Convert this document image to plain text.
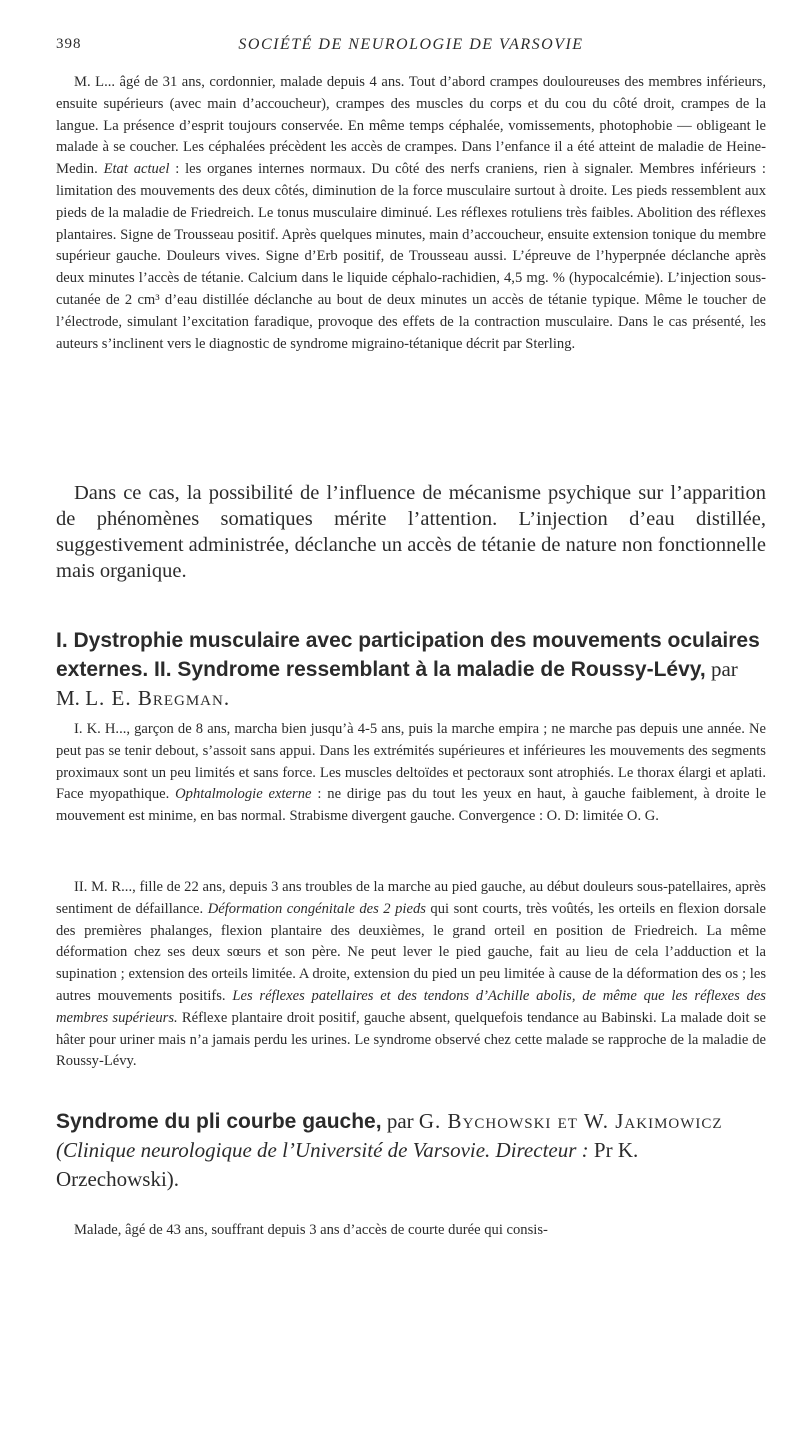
398	SOCIÉTÉ DE NEUROLOGIE DE VARSOVIE

M. L... âgé de 31 ans, cordonnier, malade depuis 4 ans. Tout d’abord crampes douloureuses des membres inférieurs, ensuite supérieurs (avec main d’accoucheur), crampes des muscles du corps et du cou du côté droit, crampes de la langue. La présence d’esprit toujours conservée. En même temps céphalée, vomissements, photophobie — obligeant le malade à se coucher. Les céphalées précèdent les accès de crampes. Dans l’enfance il a été atteint de maladie de Heine-Medin. Etat actuel : les organes internes normaux. Du côté des nerfs craniens, rien à signaler. Membres inférieurs : limitation des mouvements des deux côtés, diminution de la force musculaire surtout à droite. Les pieds ressemblent aux pieds de la maladie de Friedreich. Le tonus musculaire diminué. Les réflexes rotuliens très faibles. Abolition des réflexes plantaires. Signe de Trousseau positif. Après quelques minutes, main d’accoucheur, ensuite extension tonique du membre supérieur gauche. Douleurs vives. Signe d’Erb positif, de Trousseau aussi. L’épreuve de l’hyperpnée déclanche après deux minutes l’accès de tétanie. Calcium dans le liquide céphalo-rachidien, 4,5 mg. % (hypocalcémie). L’injection sous-cutanée de 2 cm³ d’eau distillée déclanche au bout de deux minutes un accès de tétanie typique. Même le toucher de l’électrode, simulant l’excitation faradique, provoque des effets de la contraction musculaire. Dans le cas présenté, les auteurs s’inclinent vers le diagnostic de syndrome migraino-tétanique décrit par Sterling.

Dans ce cas, la possibilité de l’influence de mécanisme psychique sur l’apparition de phénomènes somatiques mérite l’attention. L’injection d’eau distillée, suggestivement administrée, déclanche un accès de tétanie de nature non fonctionnelle mais organique.

I. Dystrophie musculaire avec participation des mouvements oculaires externes. II. Syndrome ressemblant à la maladie de Roussy-Lévy, par M. L. E. Bregman.

I. K. H..., garçon de 8 ans, marcha bien jusqu’à 4-5 ans, puis la marche empira ; ne marche pas depuis une année. Ne peut pas se tenir debout, s’assoit sans appui. Dans les extrémités supérieures et inférieures les mouvements des segments proximaux sont un peu limités et sans force. Les muscles deltoïdes et pectoraux sont atrophiés. Le thorax élargi et aplati. Face myopathique. Ophtalmologie externe : ne dirige pas du tout les yeux en haut, à gauche faiblement, à droite le mouvement est minime, en bas normal. Strabisme divergent gauche. Convergence : O. D: limitée O. G.

II. M. R..., fille de 22 ans, depuis 3 ans troubles de la marche au pied gauche, au début douleurs sous-patellaires, après sentiment de défaillance. Déformation congénitale des 2 pieds qui sont courts, très voûtés, les orteils en flexion dorsale des premières phalanges, flexion plantaire des deuxièmes, le grand orteil en position de Friedreich. La même déformation chez ses deux sœurs et son père. Ne peut lever le pied gauche, fait au lieu de cela l’adduction et la supination ; extension des orteils limitée. A droite, extension du pied un peu limitée à cause de la déformation des os ; les autres mouvements positifs. Les réflexes patellaires et des tendons d’Achille abolis, de même que les réflexes des membres supérieurs. Réflexe plantaire droit positif, gauche absent, quelquefois tendance au Babinski. La malade doit se hâter pour uriner mais n’a jamais perdu les urines. Le syndrome observé chez cette malade se rapproche de la maladie de Roussy-Lévy.

Syndrome du pli courbe gauche, par G. Bychowski et W. Jakimowicz (Clinique neurologique de l’Université de Varsovie. Directeur : Pr K. Orzechowski).

Malade, âgé de 43 ans, souffrant depuis 3 ans d’accès de courte durée qui consis-
